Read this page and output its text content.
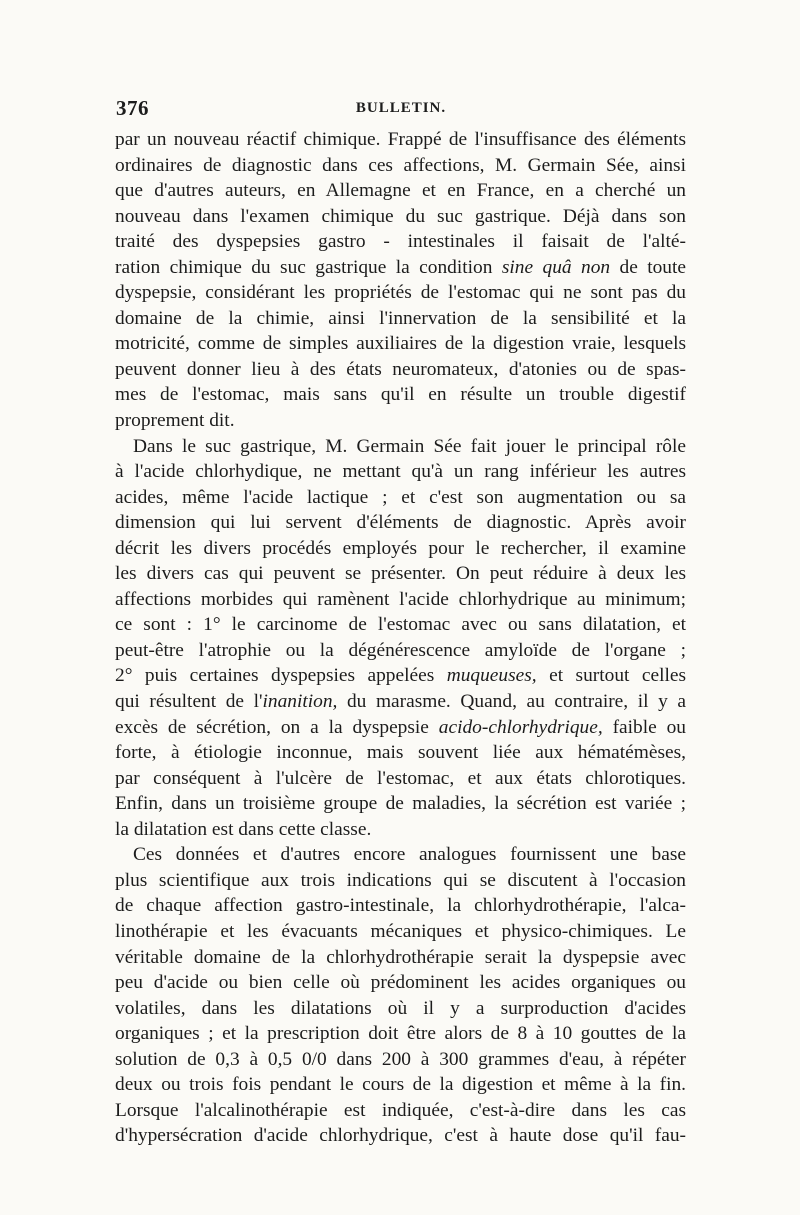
376	BULLETIN.
par un nouveau réactif chimique. Frappé de l'insuffisance des éléments
ordinaires de diagnostic dans ces affections, M. Germain Sée, ainsi
que d'autres auteurs, en Allemagne et en France, en a cherché un
nouveau dans l'examen chimique du suc gastrique. Déjà dans son
traité des dyspepsies gastro - intestinales il faisait de l'alté-
ration chimique du suc gastrique la condition sine quâ non de toute
dyspepsie, considérant les propriétés de l'estomac qui ne sont pas du
domaine de la chimie, ainsi l'innervation de la sensibilité et la
motricité, comme de simples auxiliaires de la digestion vraie, lesquels
peuvent donner lieu à des états neuromateux, d'atonies ou de spas-
mes de l'estomac, mais sans qu'il en résulte un trouble digestif
proprement dit.
Dans le suc gastrique, M. Germain Sée fait jouer le principal rôle
à l'acide chlorhydique, ne mettant qu'à un rang inférieur les autres
acides, même l'acide lactique ; et c'est son augmentation ou sa
dimension qui lui servent d'éléments de diagnostic. Après avoir
décrit les divers procédés employés pour le rechercher, il examine
les divers cas qui peuvent se présenter. On peut réduire à deux les
affections morbides qui ramènent l'acide chlorhydrique au minimum;
ce sont : 1° le carcinome de l'estomac avec ou sans dilatation, et
peut-être l'atrophie ou la dégénérescence amyloïde de l'organe ;
2° puis certaines dyspepsies appelées muqueuses, et surtout celles
qui résultent de l'inanition, du marasme. Quand, au contraire, il y a
excès de sécrétion, on a la dyspepsie acido-chlorhydrique, faible ou
forte, à étiologie inconnue, mais souvent liée aux hématémèses,
par conséquent à l'ulcère de l'estomac, et aux états chlorotiques.
Enfin, dans un troisième groupe de maladies, la sécrétion est variée ;
la dilatation est dans cette classe.
Ces données et d'autres encore analogues fournissent une base
plus scientifique aux trois indications qui se discutent à l'occasion
de chaque affection gastro-intestinale, la chlorhydrothérapie, l'alca-
linothérapie et les évacuants mécaniques et physico-chimiques. Le
véritable domaine de la chlorhydrothérapie serait la dyspepsie avec
peu d'acide ou bien celle où prédominent les acides organiques ou
volatiles, dans les dilatations où il y a surproduction d'acides
organiques ; et la prescription doit être alors de 8 à 10 gouttes de la
solution de 0,3 à 0,5 0/0 dans 200 à 300 grammes d'eau, à répéter
deux ou trois fois pendant le cours de la digestion et même à la fin.
Lorsque l'alcalinothérapie est indiquée, c'est-à-dire dans les cas
d'hypersécration d'acide chlorhydrique, c'est à haute dose qu'il fau-
